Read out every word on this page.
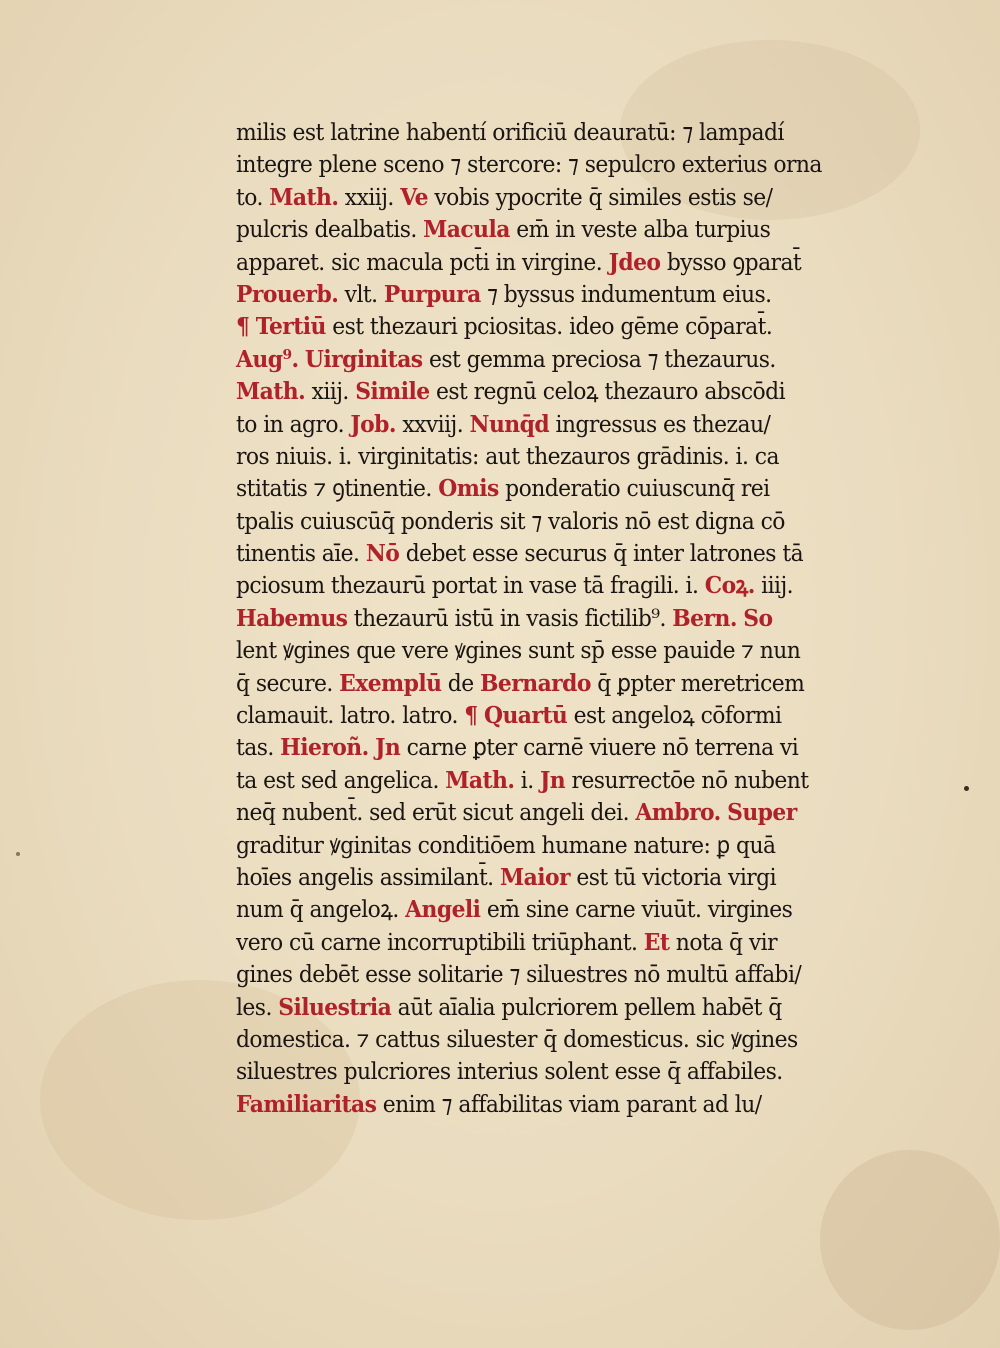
milis est latrine habentí orificiū deauratū: ⁊ lampadí
integre plene sceno ⁊ stercore: ⁊ sepulcro exterius orna
to. Math. xxiij. Ve vobis ypocrite q̄ similes estis se/
pulcris dealbatis. Macula em̄ in veste alba turpius
apparet. sic macula pct̄i in virgine. Jdeo bysso ꝯparat̄
Prouerb. vlt. Purpura ⁊ byssus indumentum eius.
¶ Tertiū est thezauri pciositas. ideo gēme cōparat̄.
Aug⁹. Uirginitas est gemma preciosa ⁊ thezaurus.
Math. xiij. Simile est regnū celoꝝ thezauro abscōdi
to in agro. Job. xxviij. Nunq̄d ingressus es thezau/
ros niuis. i. virginitatis: aut thezauros grādinis. i. ca
stitatis ⁊ ꝯtinentie. Omis ponderatio cuiuscunq̄ rei
tpalis cuiuscūq̄ ponderis sit ⁊ valoris nō est digna cō
tinentis aīe. Nō debet esse securus q̄ inter latrones tā
pciosum thezaurū portat in vase tā fragili. i. Coꝝ. iiij.
Habemus thezaurū istū in vasis fictilib⁹. Bern. So
lent ꝟgines que vere ꝟgines sunt sp̄ esse pauide ⁊ nun
q̄ secure. Exemplū de Bernardo q̄ ꝑpter meretricem
clamauit. latro. latro. ¶ Quartū est angeloꝝ cōformi
tas. Hieroñ. Jn carne ꝑter carnē viuere nō terrena vi
ta est sed angelica. Math. i. Jn resurrectōe nō nubent
neq̄ nubent̄. sed erūt sicut angeli dei. Ambro. Super
graditur ꝟginitas conditiōem humane nature: ꝑ quā
hoīes angelis assimilant̄. Maior est tū victoria virgi
num q̄ angeloꝝ. Angeli em̄ sine carne viuūt. virgines
vero cū carne incorruptibili triūphant. Et nota q̄ vir
gines debēt esse solitarie ⁊ siluestres nō multū affabi/
les. Siluestria aūt aīalia pulcriorem pellem habēt q̄
domestica. ⁊ cattus siluester q̄ domesticus. sic ꝟgines
siluestres pulcriores interius solent esse q̄ affabiles.
Familiaritas enim ⁊ affabilitas viam parant ad lu/
